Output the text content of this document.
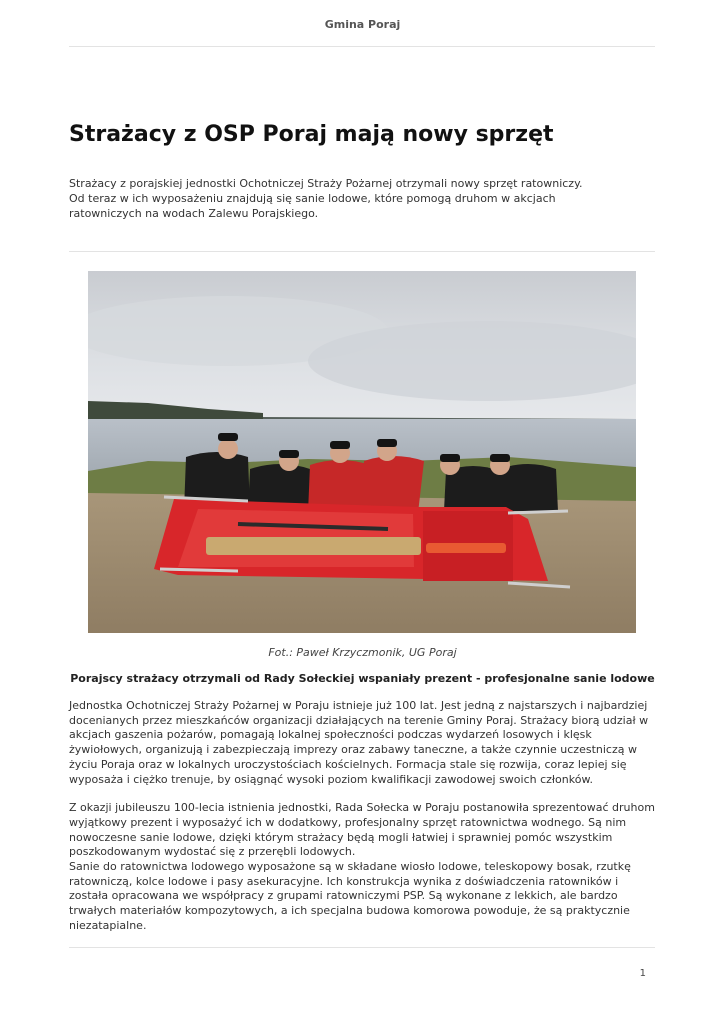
Gmina Poraj
Strażacy z OSP Poraj mają nowy sprzęt

Strażacy z porajskiej jednostki Ochotniczej Straży Pożarnej otrzymali nowy sprzęt ratowniczy. Od teraz w ich wyposażeniu znajdują się sanie lodowe, które pomogą druhom w akcjach ratowniczych na wodach Zalewu Porajskiego.

Fot.: Paweł Krzyczmonik, UG Poraj
Porajscy strażacy otrzymali od Rady Sołeckiej wspaniały prezent - profesjonalne sanie lodowe

Jednostka Ochotniczej Straży Pożarnej w Poraju istnieje już 100 lat. Jest jedną z najstarszych i najbardziej docenianych przez mieszkańców organizacji działających na terenie Gminy Poraj. Strażacy biorą udział w akcjach gaszenia pożarów, pomagają lokalnej społeczności podczas wydarzeń losowych i klęsk żywiołowych, organizują i zabezpieczają imprezy oraz zabawy taneczne, a także czynnie uczestniczą w życiu Poraja oraz w lokalnych uroczystościach kościelnych. Formacja stale się rozwija, coraz lepiej się wyposaża i ciężko trenuje, by osiągnąć wysoki poziom kwalifikacji zawodowej swoich członków.

Z okazji jubileuszu 100-lecia istnienia jednostki, Rada Sołecka w Poraju postanowiła sprezentować druhom wyjątkowy prezent i wyposażyć ich w dodatkowy, profesjonalny sprzęt ratownictwa wodnego. Są nim nowoczesne sanie lodowe, dzięki którym strażacy będą mogli łatwiej i sprawniej pomóc wszystkim poszkodowanym wydostać się z przerębli lodowych.

Sanie do ratownictwa lodowego wyposażone są w składane wiosło lodowe, teleskopowy bosak, rzutkę ratowniczą, kolce lodowe i pasy asekuracyjne. Ich konstrukcja wynika z doświadczenia ratowników i została opracowana we współpracy z grupami ratowniczymi PSP. Są wykonane z lekkich, ale bardzo trwałych materiałów kompozytowych, a ich specjalna budowa komorowa powoduje, że są praktycznie niezatapialne.

1
